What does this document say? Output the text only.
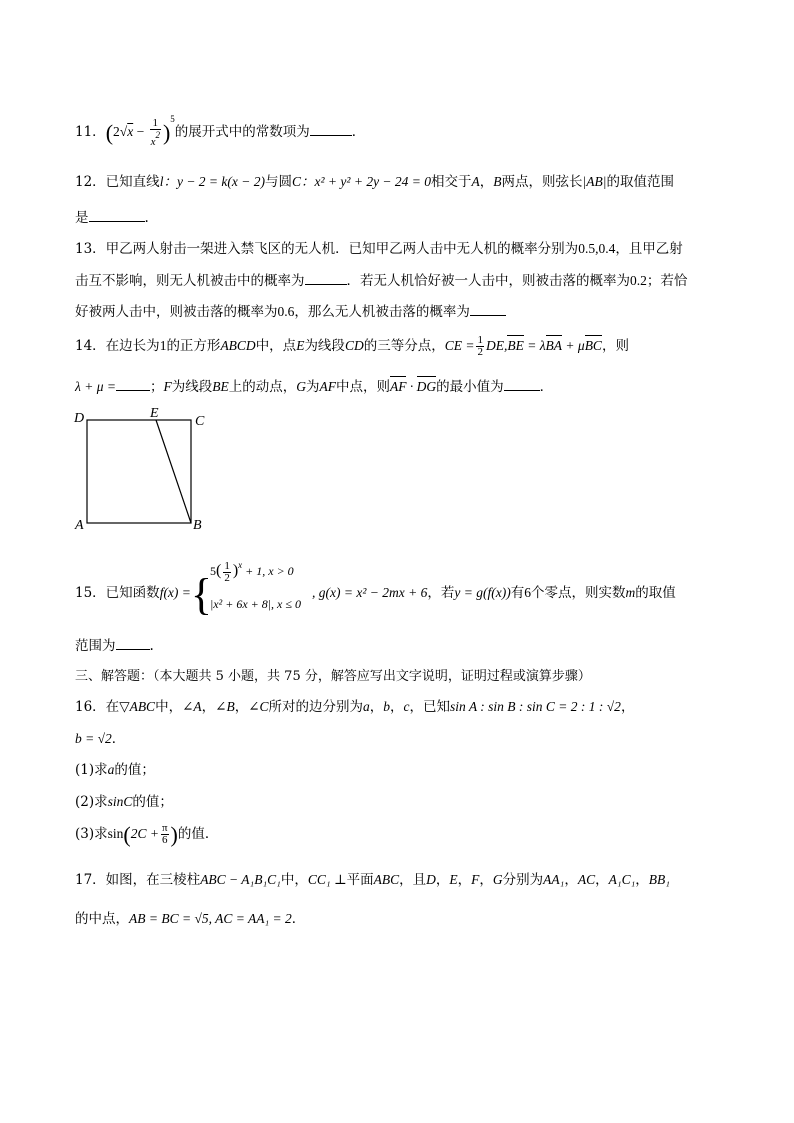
11．$(2√x - \frac{1}{x^2} )^5$的展开式中的常数项为	．
12．已知直线l：y − 2 = k(x − 2)与圆C：x² + y² + 2y − 24 = 0相交于A，B两点，则弦长|AB|的取值范围
是	.
13．甲乙两人射击一架进入禁飞区的无人机．已知甲乙两人击中无人机的概率分别为0.5,0.4，且甲乙射
击互不影响，则无人机被击中的概率为	．若无人机恰好被一人击中，则被击落的概率为0.2；若恰
好被两人击中，则被击落的概率为0.6，那么无人机被击落的概率为
14．在边长为1的正方形ABCD中，点E为线段CD的三等分点，CE = $\frac{1}{2} DE,BE = \lambda BA + \mu BC$，则
λ + μ =	；F为线段BE上的动点，G为AF中点，则AF · DG的最小值为	．
D	E
C
A	B
15．已知函数f(x) ={	, g(x) = x² − 2mx + 6，若y = g(f(x))有6个零点，则实数m的取值
$5( \frac{1}{2} )^x + 1$, x > 0
|x² + 6x + 8|, x ≤ 0
范围为	.
三、解答题：（本大题共 5 小题，共 75 分，解答应写出文字说明，证明过程或演算步骤）
16．在▽ABC中，∠A，∠B，∠C所对的边分别为a，b，c，已知sin A : sin B : sin C = 2 : 1 : √2，
b = √2．
(1)求a的值；
(2)求sinC的值；
(3)求$\sin(2C + \frac{\pi}{6}$ )的值．
17．如图，在三棱柱ABC − A₁B₁C₁中，CC₁ ⊥平面ABC，且D，E，F，G分别为AA₁，AC，A₁C₁，BB₁
的中点，AB = BC = √5, AC = AA₁ = 2．
